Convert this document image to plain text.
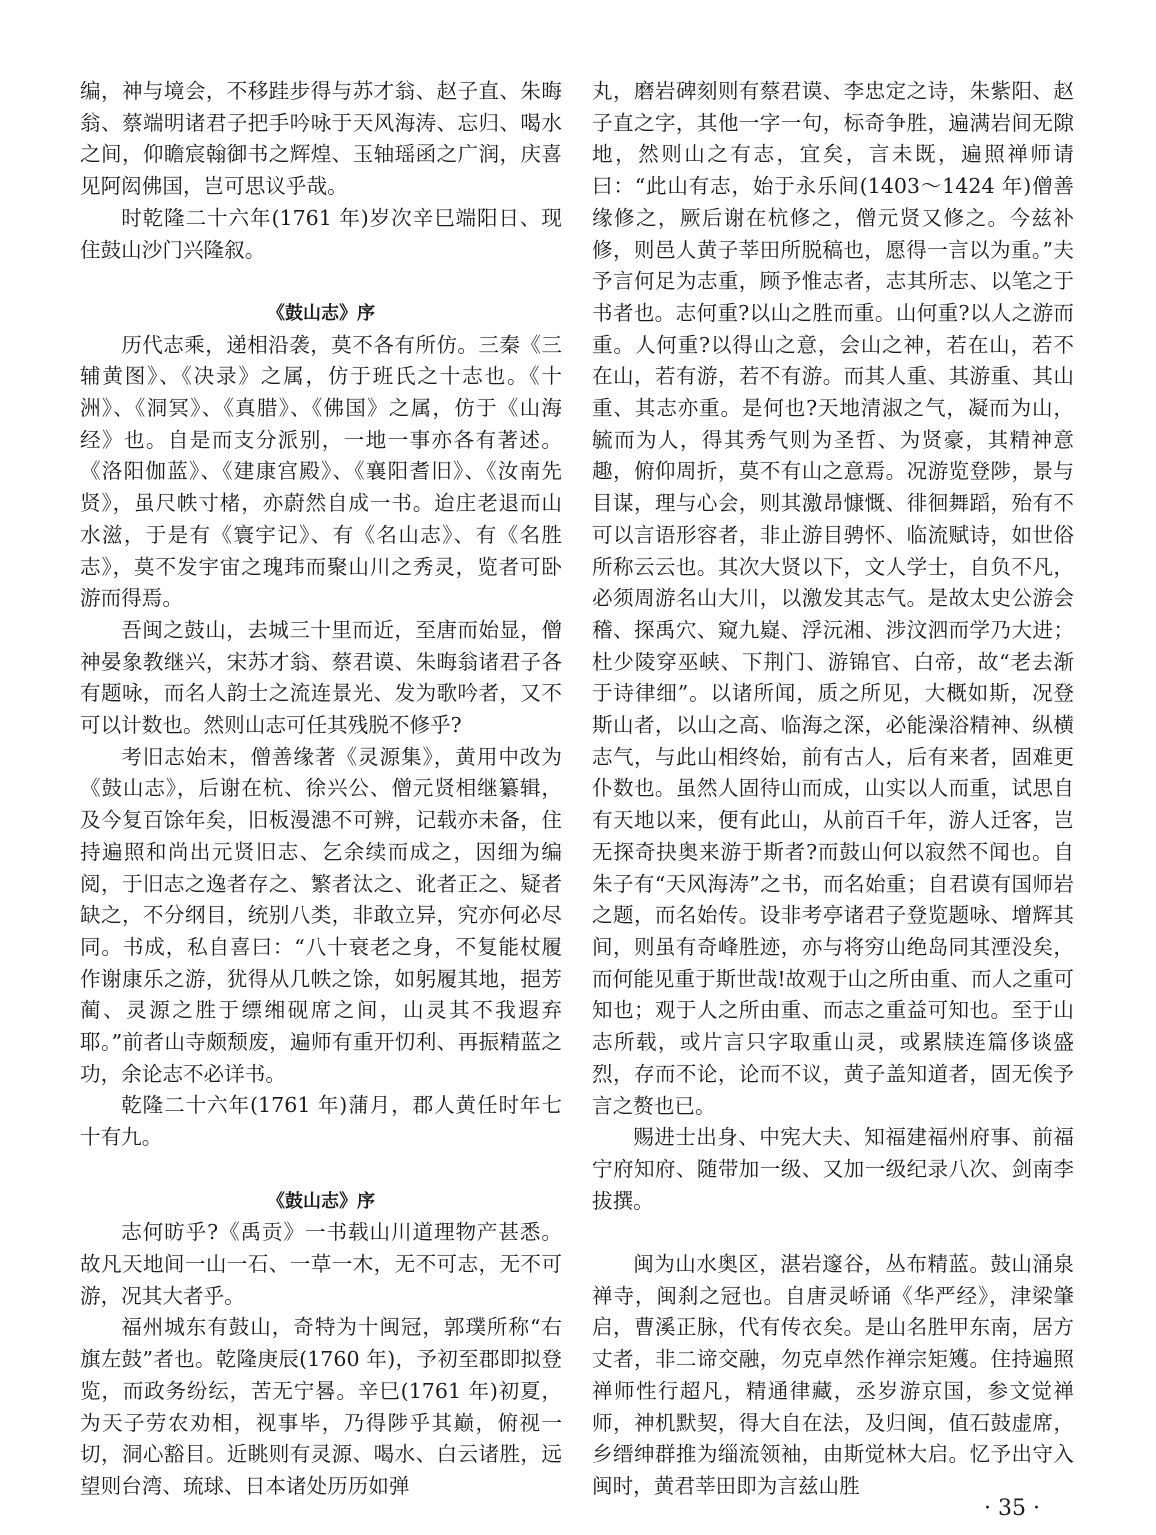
编，神与境会，不移跬步得与苏才翁、赵子直、朱晦翁、蔡端明诸君子把手吟咏于天风海涛、忘归、喝水之间，仰瞻宸翰御书之辉煌、玉轴瑶函之广润，庆喜见阿闳佛国，岂可思议乎哉。

时乾隆二十六年(1761 年)岁次辛巳端阳日、现住鼓山沙门兴隆叙。

《鼓山志》序

历代志乘，递相沿袭，莫不各有所仿。三秦《三辅黄图》、《决录》之属，仿于班氏之十志也。《十洲》、《洞冥》、《真腊》、《佛国》之属，仿于《山海经》也。自是而支分派别，一地一事亦各有著述。《洛阳伽蓝》、《建康宫殿》、《襄阳耆旧》、《汝南先贤》，虽尺帙寸楮，亦蔚然自成一书。迨庄老退而山水滋，于是有《寰宇记》、有《名山志》、有《名胜志》，莫不发宇宙之瑰玮而聚山川之秀灵，览者可卧游而得焉。

吾闽之鼓山，去城三十里而近，至唐而始显，僧神晏象教继兴，宋苏才翁、蔡君谟、朱晦翁诸君子各有题咏，而名人韵士之流连景光、发为歌吟者，又不可以计数也。然则山志可任其残脱不修乎?

考旧志始末，僧善缘著《灵源集》，黄用中改为《鼓山志》，后谢在杭、徐兴公、僧元贤相继纂辑，及今复百馀年矣，旧板漫漶不可辨，记载亦未备，住持遍照和尚出元贤旧志、乞余续而成之，因细为编阅，于旧志之逸者存之、繁者汰之、讹者正之、疑者缺之，不分纲目，统别八类，非敢立异，究亦何必尽同。书成，私自喜曰：“八十衰老之身，不复能杖履作谢康乐之游，犹得从几帙之馀，如躬履其地，挹芳蔺、灵源之胜于缥缃砚席之间，山灵其不我遐弃耶。”前者山寺颇颓废，遍师有重开忉利、再振精蓝之功，余论志不必详书。

乾隆二十六年(1761 年)蒲月，郡人黄任时年七十有九。

《鼓山志》序

志何昉乎?《禹贡》一书载山川道理物产甚悉。故凡天地间一山一石、一草一木，无不可志，无不可游，况其大者乎。

福州城东有鼓山，奇特为十闽冠，郭璞所称“右旗左鼓”者也。乾隆庚辰(1760 年)，予初至郡即拟登览，而政务纷纭，苦无宁晷。辛巳(1761 年)初夏，为天子劳农劝相，视事毕，乃得陟乎其巅，俯视一切，洞心豁目。近眺则有灵源、喝水、白云诸胜，远望则台湾、琉球、日本诸处历历如弹

丸，磨岩碑刻则有蔡君谟、李忠定之诗，朱紫阳、赵子直之字，其他一字一句，标奇争胜，遍满岩间无隙地，然则山之有志，宜矣，言未既，遍照禅师请曰：“此山有志，始于永乐间(1403～1424 年)僧善缘修之，厥后谢在杭修之，僧元贤又修之。今兹补修，则邑人黄子莘田所脱稿也，愿得一言以为重。”夫予言何足为志重，顾予惟志者，志其所志、以笔之于书者也。志何重?以山之胜而重。山何重?以人之游而重。人何重?以得山之意，会山之神，若在山，若不在山，若有游，若不有游。而其人重、其游重、其山重、其志亦重。是何也?天地清淑之气，凝而为山，毓而为人，得其秀气则为圣哲、为贤豪，其精神意趣，俯仰周折，莫不有山之意焉。况游览登陟，景与目谋，理与心会，则其激昂慷慨、徘徊舞蹈，殆有不可以言语形容者，非止游目骋怀、临流赋诗，如世俗所称云云也。其次大贤以下，文人学士，自负不凡，必须周游名山大川，以激发其志气。是故太史公游会稽、探禹穴、窥九嶷、浮沅湘、涉汶泗而学乃大进；杜少陵穿巫峡、下荆门、游锦官、白帝，故“老去渐于诗律细”。以诸所闻，质之所见，大概如斯，况登斯山者，以山之高、临海之深，必能澡浴精神、纵横志气，与此山相终始，前有古人，后有来者，固难更仆数也。虽然人固待山而成，山实以人而重，试思自有天地以来，便有此山，从前百千年，游人迁客，岂无探奇抉奥来游于斯者?而鼓山何以寂然不闻也。自朱子有“天风海涛”之书，而名始重；自君谟有国师岩之题，而名始传。设非考亭诸君子登览题咏、增辉其间，则虽有奇峰胜迹，亦与将穷山绝岛同其湮没矣，而何能见重于斯世哉!故观于山之所由重、而人之重可知也；观于人之所由重、而志之重益可知也。至于山志所载，或片言只字取重山灵，或累牍连篇侈谈盛烈，存而不论，论而不议，黄子盖知道者，固无俟予言之赘也已。

赐进士出身、中宪大夫、知福建福州府事、前福宁府知府、随带加一级、又加一级纪录八次、剑南李拔撰。

闽为山水奥区，湛岩邃谷，丛布精蓝。鼓山涌泉禅寺，闽刹之冠也。自唐灵峤诵《华严经》，津梁肇启，曹溪正脉，代有传衣矣。是山名胜甲东南，居方丈者，非二谛交融，勿克卓然作禅宗矩矱。住持遍照禅师性行超凡，精通律藏，丞岁游京国，参文觉禅师，神机默契，得大自在法，及归闽，值石鼓虚席，乡缙绅群推为缁流领袖，由斯觉林大启。忆予出守入闽时，黄君莘田即为言兹山胜

· 35 ·
